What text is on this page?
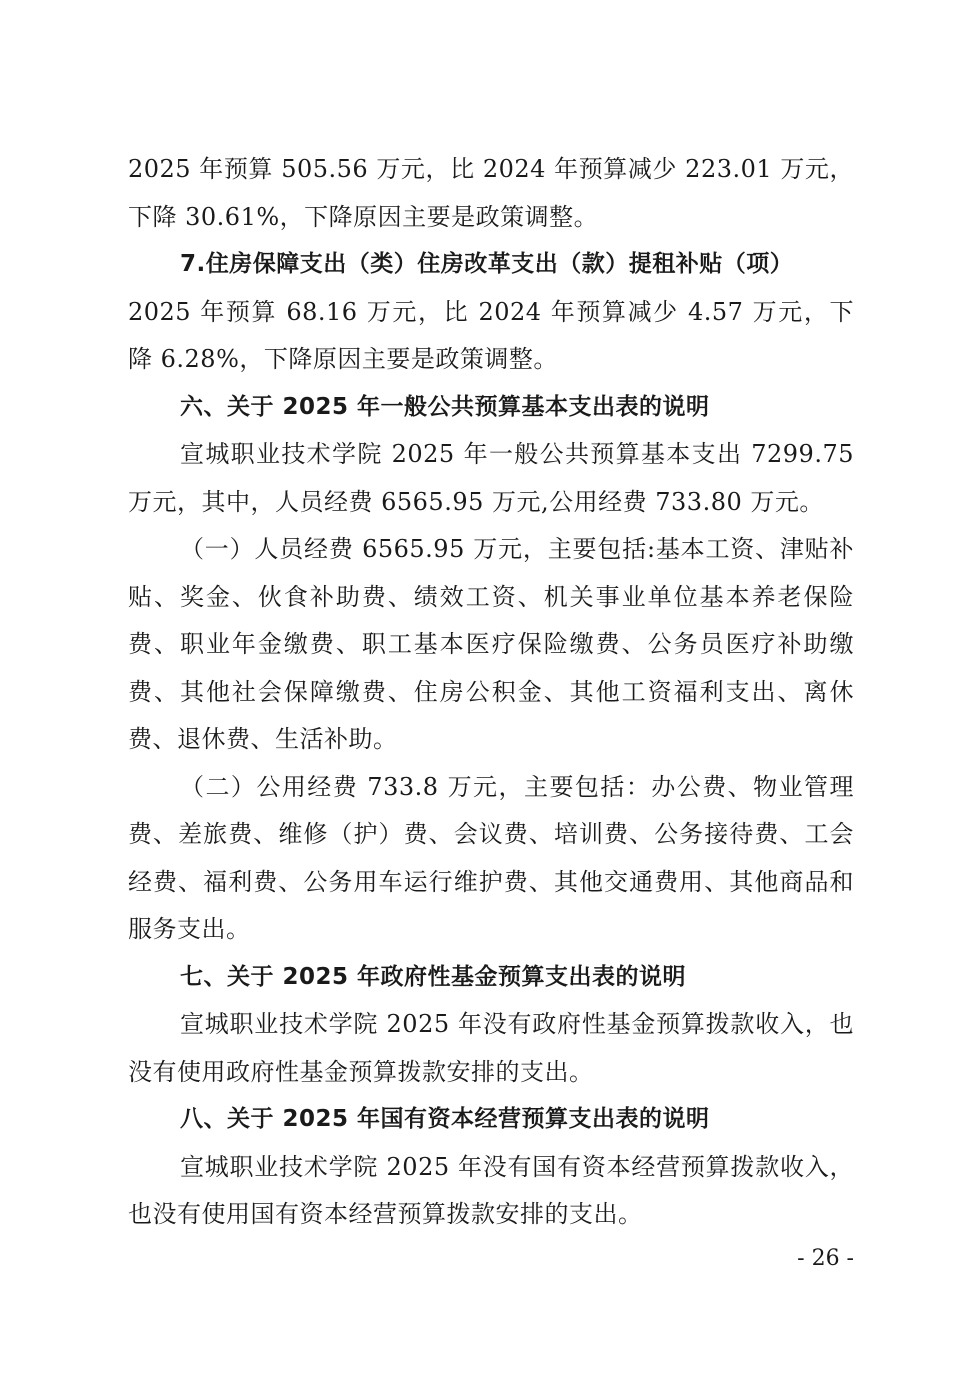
2025 年预算 505.56 万元，比 2024 年预算减少 223.01 万元，下降 30.61%，下降原因主要是政策调整。

7.住房保障支出（类）住房改革支出（款）提租补贴（项）

2025 年预算 68.16 万元，比 2024 年预算减少 4.57 万元，下降 6.28%，下降原因主要是政策调整。

六、关于 2025 年一般公共预算基本支出表的说明

宣城职业技术学院 2025 年一般公共预算基本支出 7299.75 万元，其中，人员经费 6565.95 万元,公用经费 733.80 万元。

（一）人员经费 6565.95 万元，主要包括:基本工资、津贴补贴、奖金、伙食补助费、绩效工资、机关事业单位基本养老保险费、职业年金缴费、职工基本医疗保险缴费、公务员医疗补助缴费、其他社会保障缴费、住房公积金、其他工资福利支出、离休费、退休费、生活补助。

（二）公用经费 733.8 万元，主要包括：办公费、物业管理费、差旅费、维修（护）费、会议费、培训费、公务接待费、工会经费、福利费、公务用车运行维护费、其他交通费用、其他商品和服务支出。

七、关于 2025 年政府性基金预算支出表的说明

宣城职业技术学院 2025 年没有政府性基金预算拨款收入，也没有使用政府性基金预算拨款安排的支出。

八、关于 2025 年国有资本经营预算支出表的说明

宣城职业技术学院 2025 年没有国有资本经营预算拨款收入，也没有使用国有资本经营预算拨款安排的支出。

- 26 -
